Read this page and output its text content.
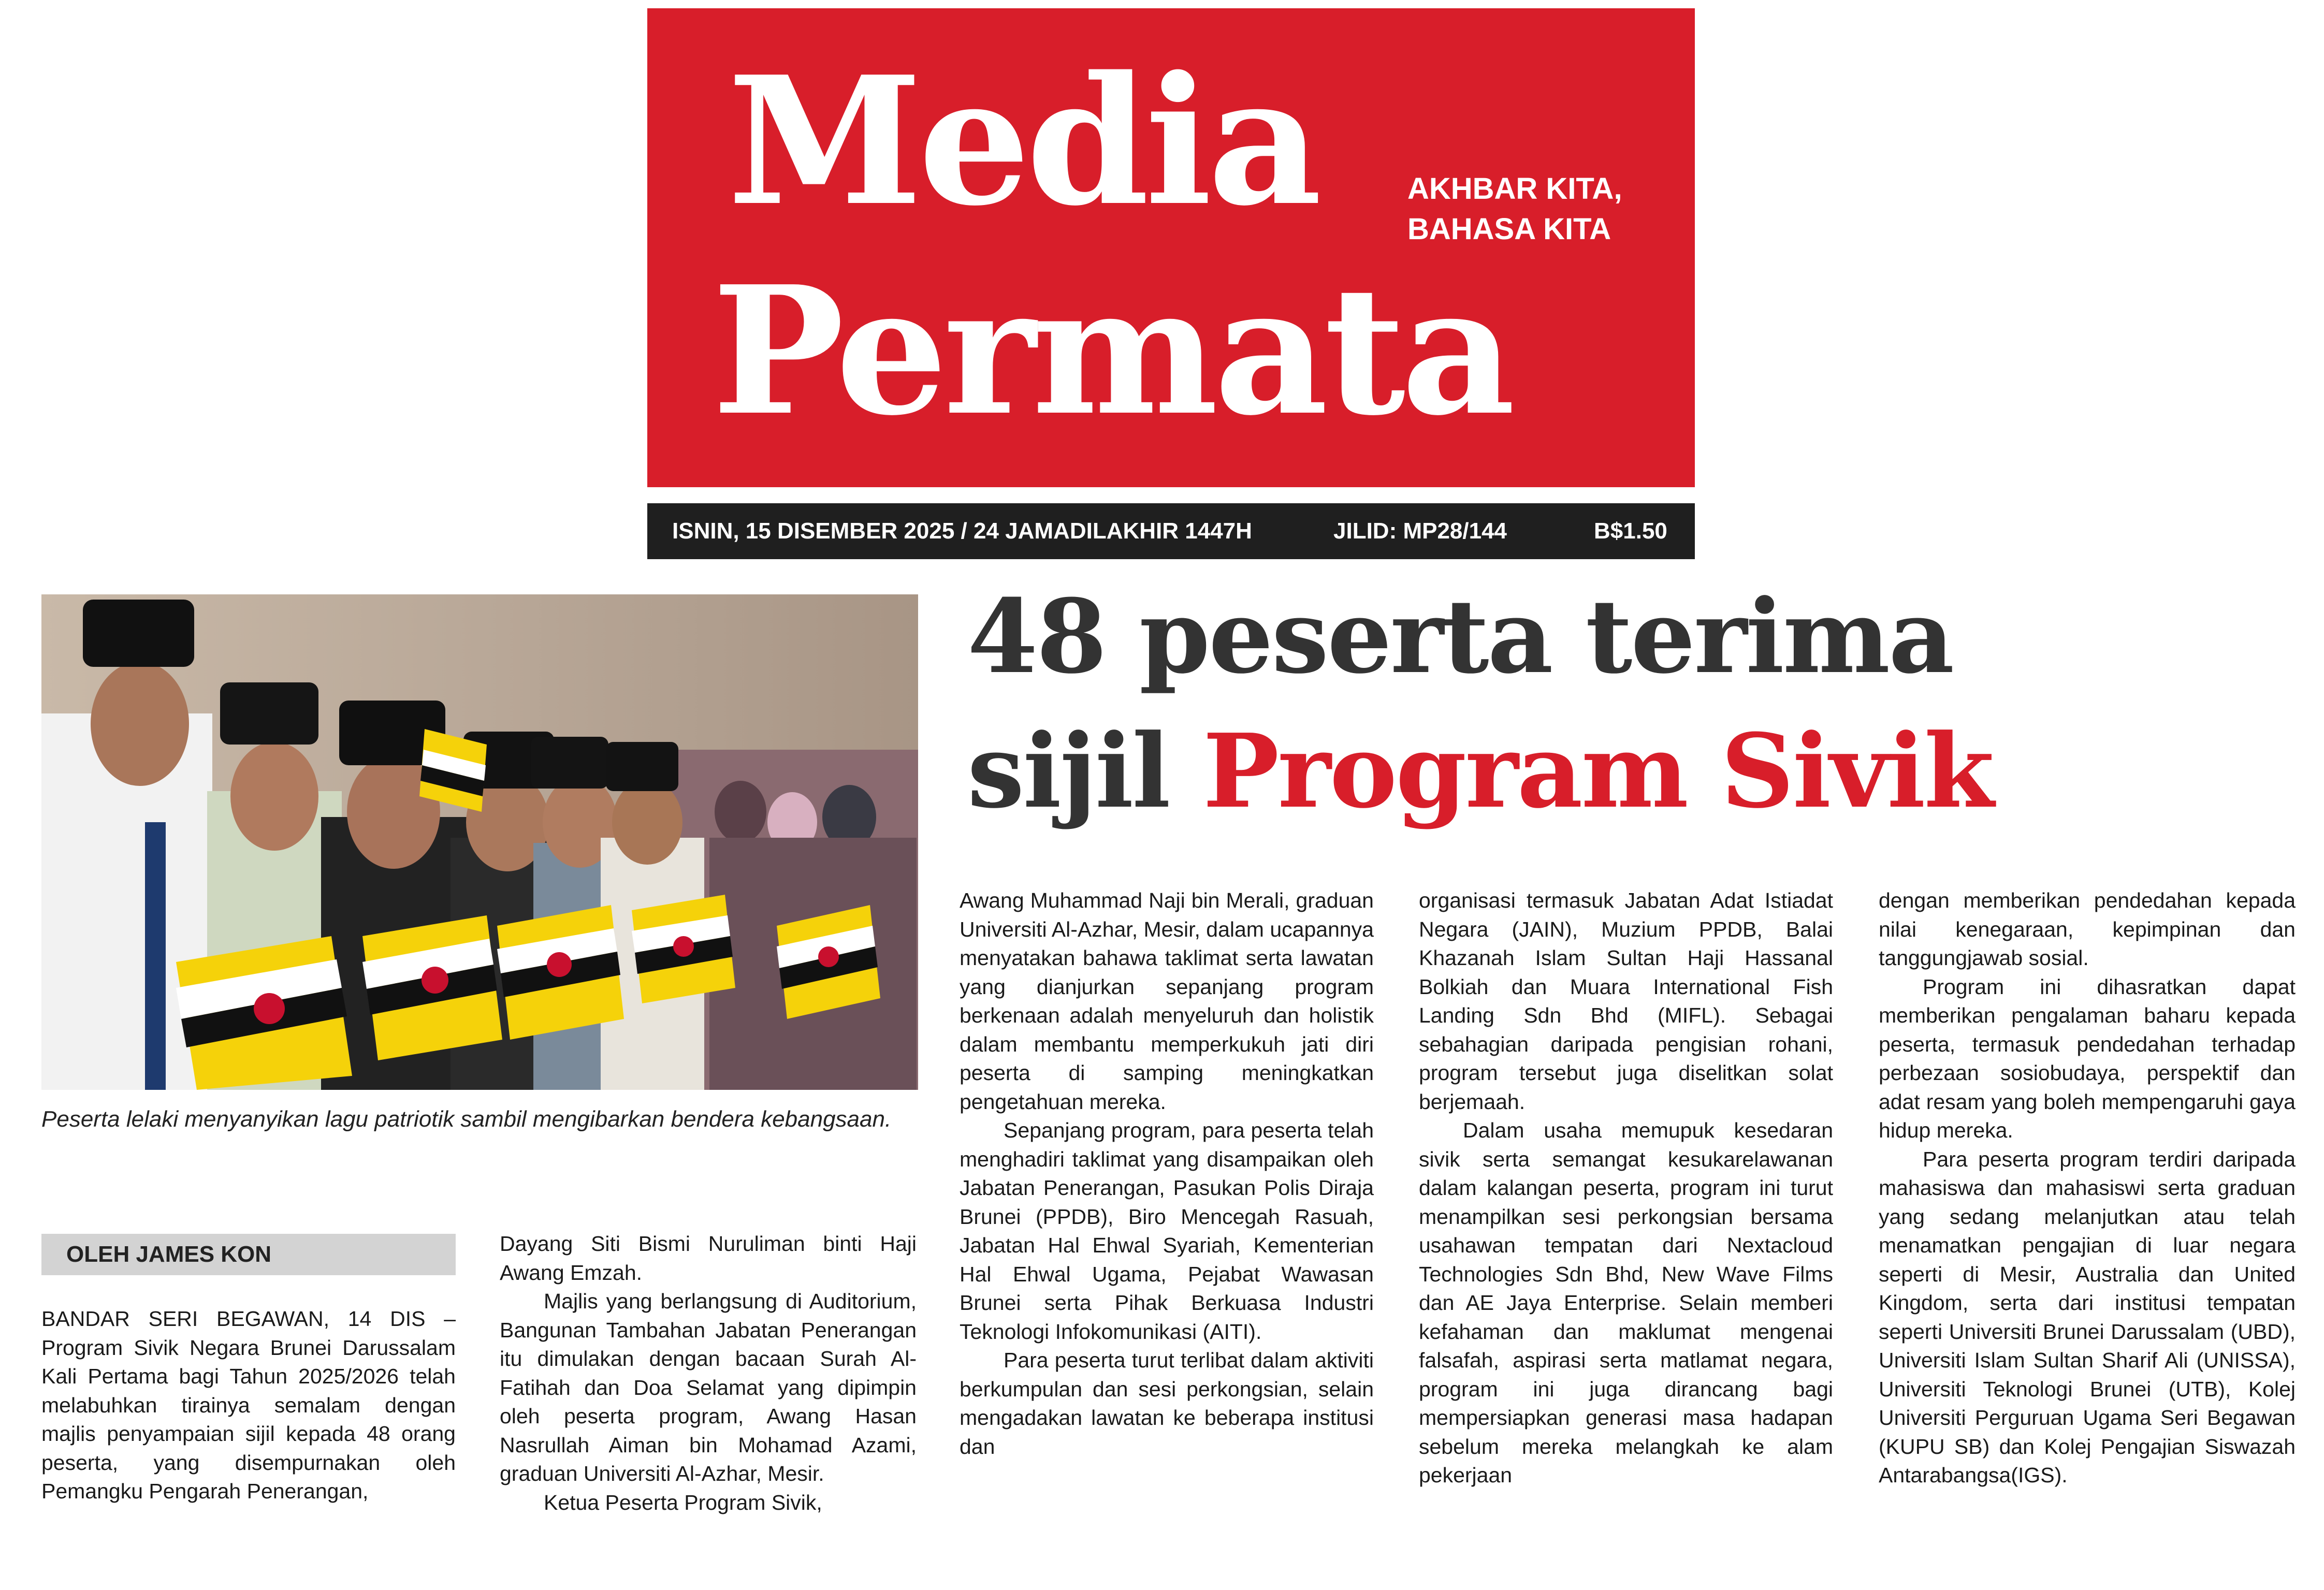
Media
Permata
AKHBAR KITA,
BAHASA KITA
ISNIN, 15 DISEMBER 2025 / 24 JAMADILAKHIR 1447H	JILID: MP28/144	B$1.50
Peserta lelaki menyanyikan lagu patriotik sambil mengibarkan bendera kebangsaan.
48 peserta terima
sijil Program Sivik
OLEH JAMES KON

BANDAR SERI BEGAWAN, 14 DIS – Program Sivik Negara Brunei Darussalam Kali Pertama bagi Tahun 2025/2026 telah melabuhkan tirainya semalam dengan majlis penyampaian sijil kepada 48 orang peserta, yang disempurnakan oleh Pemangku Pengarah Penerangan,

Dayang Siti Bismi Nuruliman binti Haji Awang Emzah.

Majlis yang berlangsung di Auditorium, Bangunan Tambahan Jabatan Penerangan itu dimulakan dengan bacaan Surah Al-Fatihah dan Doa Selamat yang dipimpin oleh peserta program, Awang Hasan Nasrullah Aiman bin Mohamad Azami, graduan Universiti Al-Azhar, Mesir.

Ketua Peserta Program Sivik,

Awang Muhammad Naji bin Merali, graduan Universiti Al-Azhar, Mesir, dalam ucapannya menyatakan bahawa taklimat serta lawatan yang dianjurkan sepanjang program berkenaan adalah menyeluruh dan holistik dalam membantu memperkukuh jati diri peserta di samping meningkatkan pengetahuan mereka.

Sepanjang program, para peserta telah menghadiri taklimat yang disampaikan oleh Jabatan Penerangan, Pasukan Polis Diraja Brunei (PPDB), Biro Mencegah Rasuah, Jabatan Hal Ehwal Syariah, Kementerian Hal Ehwal Ugama, Pejabat Wawasan Brunei serta Pihak Berkuasa Industri Teknologi Infokomunikasi (AITI).

Para peserta turut terlibat dalam aktiviti berkumpulan dan sesi perkongsian, selain mengadakan lawatan ke beberapa institusi dan

organisasi termasuk Jabatan Adat Istiadat Negara (JAIN), Muzium PPDB, Balai Khazanah Islam Sultan Haji Hassanal Bolkiah dan Muara International Fish Landing Sdn Bhd (MIFL). Sebagai sebahagian daripada pengisian rohani, program tersebut juga diselitkan solat berjemaah.

Dalam usaha memupuk kesedaran sivik serta semangat kesukarelawanan dalam kalangan peserta, program ini turut menampilkan sesi perkongsian bersama usahawan tempatan dari Nextacloud Technologies Sdn Bhd, New Wave Films dan AE Jaya Enterprise. Selain memberi kefahaman dan maklumat mengenai falsafah, aspirasi serta matlamat negara, program ini juga dirancang bagi mempersiapkan generasi masa hadapan sebelum mereka melangkah ke alam pekerjaan

dengan memberikan pendedahan kepada nilai kenegaraan, kepimpinan dan tanggungjawab sosial.

Program ini dihasratkan dapat memberikan pengalaman baharu kepada peserta, termasuk pendedahan terhadap perbezaan sosiobudaya, perspektif dan adat resam yang boleh mempengaruhi gaya hidup mereka.

Para peserta program terdiri daripada mahasiswa dan mahasiswi serta graduan yang sedang melanjutkan atau telah menamatkan pengajian di luar negara seperti di Mesir, Australia dan United Kingdom, serta dari institusi tempatan seperti Universiti Brunei Darussalam (UBD), Universiti Islam Sultan Sharif Ali (UNISSA), Universiti Teknologi Brunei (UTB), Kolej Universiti Perguruan Ugama Seri Begawan (KUPU SB) dan Kolej Pengajian Siswazah Antarabangsa(IGS).
